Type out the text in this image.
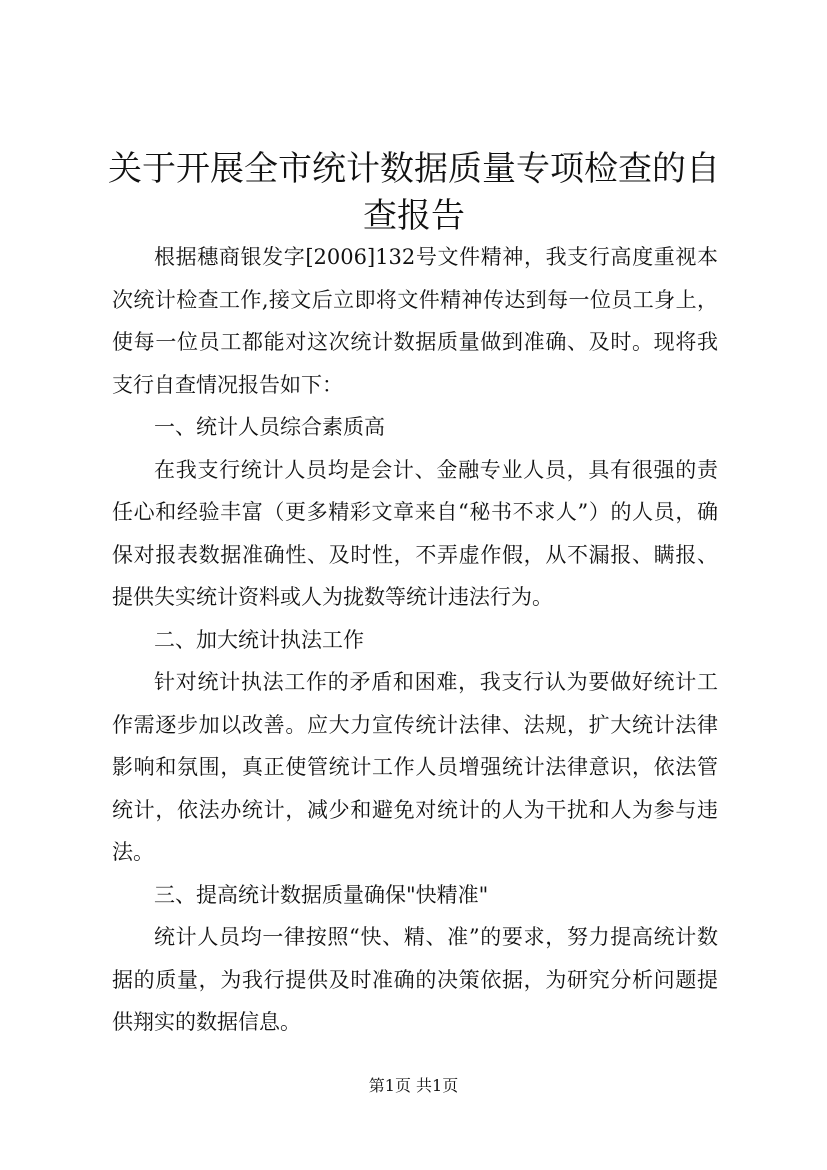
关于开展全市统计数据质量专项检查的自查报告

根据穗商银发字[2006]132号文件精神，我支行高度重视本次统计检查工作,接文后立即将文件精神传达到每一位员工身上，使每一位员工都能对这次统计数据质量做到准确、及时。现将我支行自查情况报告如下：

一、统计人员综合素质高

在我支行统计人员均是会计、金融专业人员，具有很强的责任心和经验丰富（更多精彩文章来自“秘书不求人”）的人员，确保对报表数据准确性、及时性，不弄虚作假，从不漏报、瞒报、提供失实统计资料或人为拢数等统计违法行为。

二、加大统计执法工作

针对统计执法工作的矛盾和困难，我支行认为要做好统计工作需逐步加以改善。应大力宣传统计法律、法规，扩大统计法律影响和氛围，真正使管统计工作人员增强统计法律意识，依法管统计，依法办统计，减少和避免对统计的人为干扰和人为参与违法。

三、提高统计数据质量确保"快精准"

统计人员均一律按照“快、精、准”的要求，努力提高统计数据的质量，为我行提供及时准确的决策依据，为研究分析问题提供翔实的数据信息。

第1页 共1页
